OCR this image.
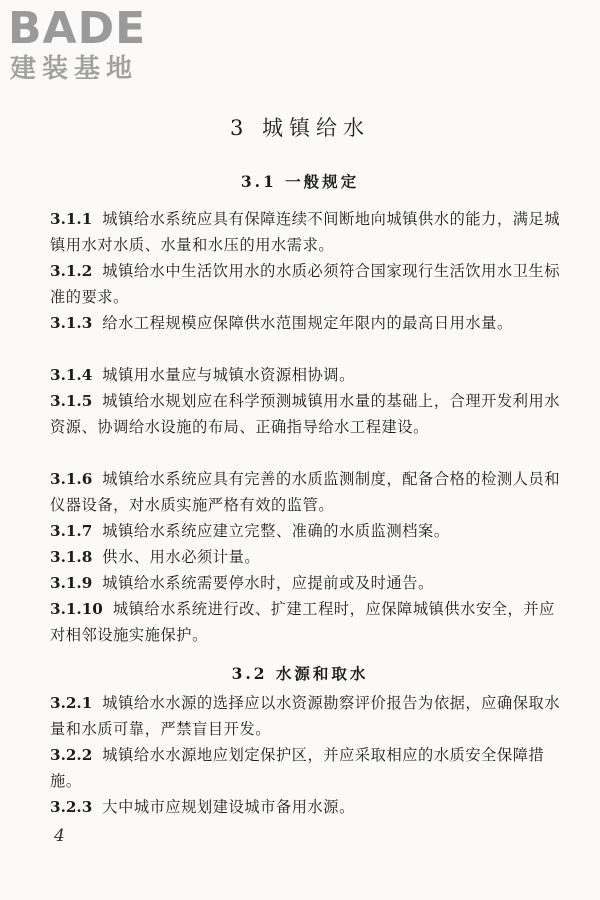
BADE
建装基地
3 城镇给水
3.1 一般规定

3.1.1 城镇给水系统应具有保障连续不间断地向城镇供水的能力，满足城镇用水对水质、水量和水压的用水需求。

3.1.2 城镇给水中生活饮用水的水质必须符合国家现行生活饮用水卫生标准的要求。

3.1.3 给水工程规模应保障供水范围规定年限内的最高日用水量。

3.1.4 城镇用水量应与城镇水资源相协调。

3.1.5 城镇给水规划应在科学预测城镇用水量的基础上，合理开发利用水资源、协调给水设施的布局、正确指导给水工程建设。

3.1.6 城镇给水系统应具有完善的水质监测制度，配备合格的检测人员和仪器设备，对水质实施严格有效的监管。

3.1.7 城镇给水系统应建立完整、准确的水质监测档案。

3.1.8 供水、用水必须计量。

3.1.9 城镇给水系统需要停水时，应提前或及时通告。

3.1.10 城镇给水系统进行改、扩建工程时，应保障城镇供水安全，并应对相邻设施实施保护。

3.2 水源和取水

3.2.1 城镇给水水源的选择应以水资源勘察评价报告为依据，应确保取水量和水质可靠，严禁盲目开发。

3.2.2 城镇给水水源地应划定保护区，并应采取相应的水质安全保障措施。

3.2.3 大中城市应规划建设城市备用水源。

4
